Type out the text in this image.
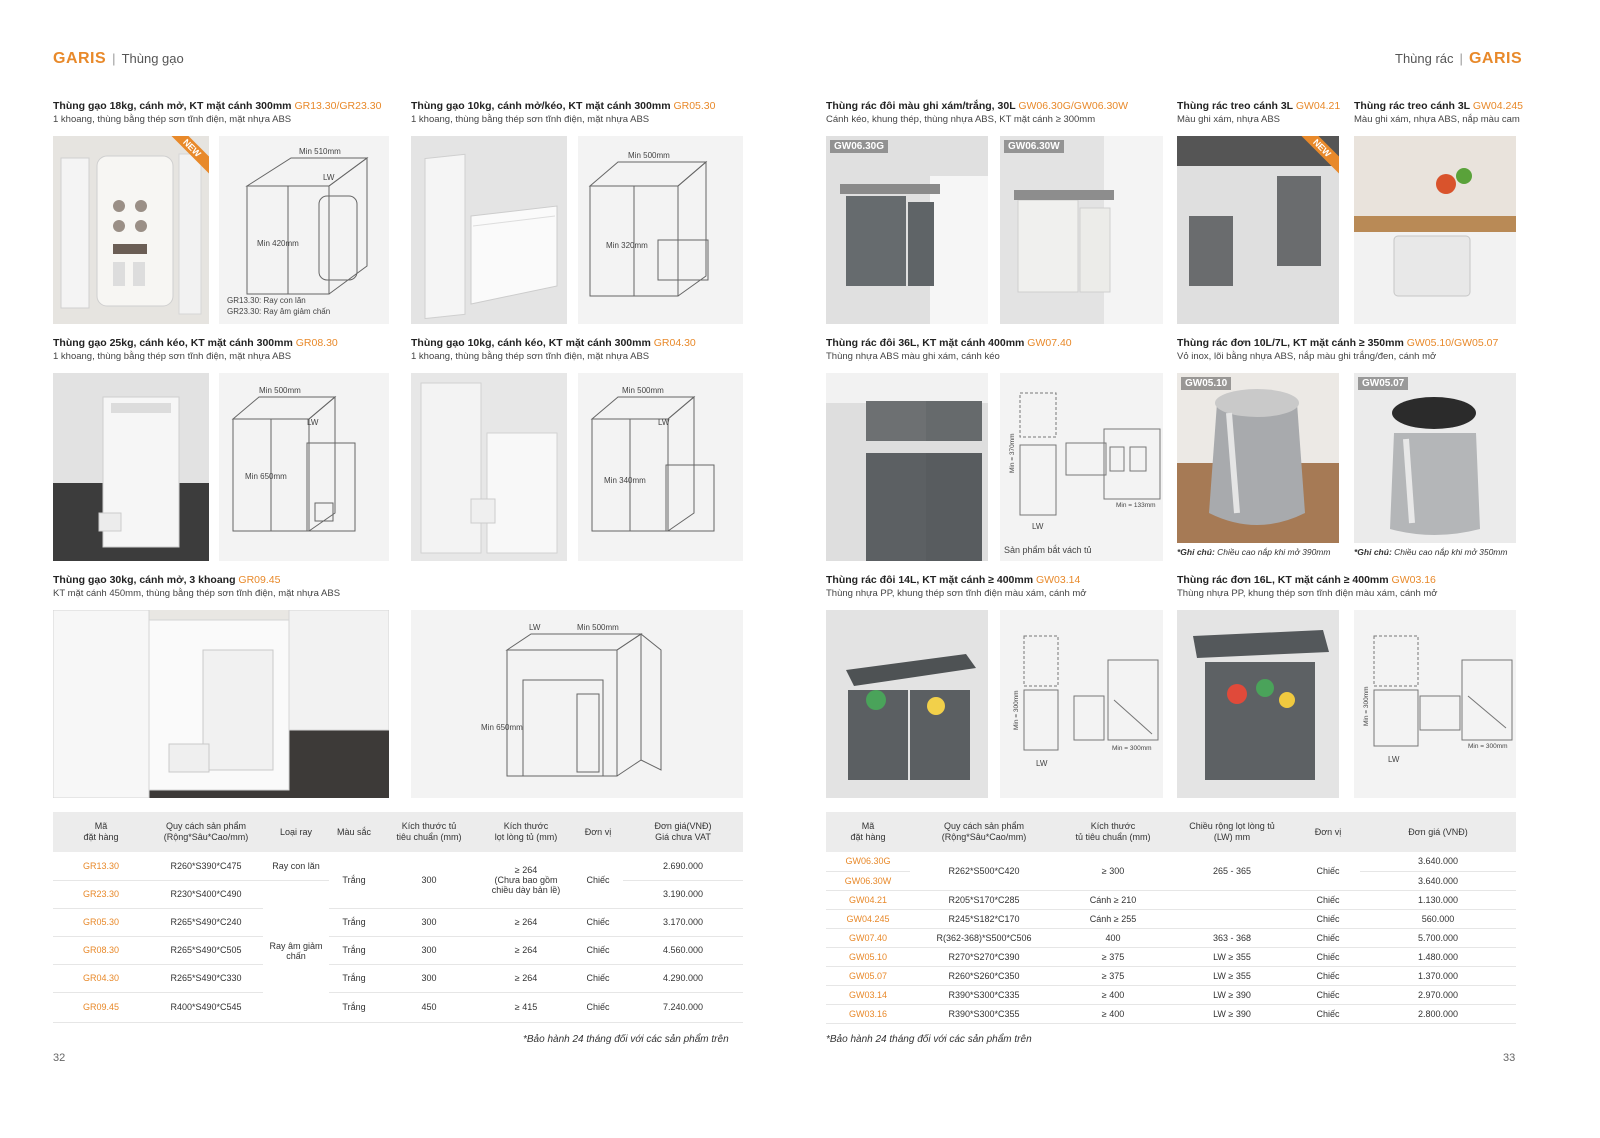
GARIS | Thùng gạo
Thùng gạo 18kg, cánh mở, KT mặt cánh 300mm GR13.30/GR23.30
1 khoang, thùng bằng thép sơn tĩnh điện, mặt nhựa ABS
NEW	Min 510mm
LW
Min 420mm
GR13.30: Ray con lăn
GR23.30: Ray âm giảm chấn
Thùng gạo 10kg, cánh mở/kéo, KT mặt cánh 300mm GR05.30
1 khoang, thùng bằng thép sơn tĩnh điện, mặt nhựa ABS
Min 500mm
Min 320mm
Thùng gạo 25kg, cánh kéo, KT mặt cánh 300mm GR08.30
1 khoang, thùng bằng thép sơn tĩnh điện, mặt nhựa ABS
Min 500mm
LW
Min 650mm
Thùng gạo 10kg, cánh kéo, KT mặt cánh 300mm GR04.30
1 khoang, thùng bằng thép sơn tĩnh điện, mặt nhựa ABS
Min 500mm
LW
Min 340mm
Thùng gạo 30kg, cánh mở, 3 khoang GR09.45
KT mặt cánh 450mm, thùng bằng thép sơn tĩnh điện, mặt nhựa ABS
LW	Min 500mm
Min 650mm
Mã
đặt hàng	Quy cách sản phẩm
(Rộng*Sâu*Cao/mm)	Loại ray	Màu sắc	Kích thước tủ
tiêu chuẩn (mm)	Kích thước
lọt lòng tủ (mm)	Đơn vị	Đơn giá(VNĐ)
Giá chưa VAT
GR13.30	R260*S390*C475	Ray con lăn	Trắng	300	≥ 264
(Chưa bao gồm
chiều dày bản lề)	Chiếc	2.690.000
GR23.30	R230*S400*C490	Ray âm giảm chấn					3.190.000
GR05.30	R265*S490*C240		Trắng	300	≥ 264	Chiếc	3.170.000
GR08.30	R265*S490*C505		Trắng	300	≥ 264	Chiếc	4.560.000
GR04.30	R265*S490*C330		Trắng	300	≥ 264	Chiếc	4.290.000
GR09.45	R400*S490*C545		Trắng	450	≥ 415	Chiếc	7.240.000
*Bảo hành 24 tháng đối với các sản phẩm trên
32
Thùng rác | GARIS
Thùng rác đôi màu ghi xám/trắng, 30L GW06.30G/GW06.30W
Cánh kéo, khung thép, thùng nhựa ABS, KT mặt cánh ≥ 300mm
GW06.30G	GW06.30W
Thùng rác treo cánh 3L GW04.21
Màu ghi xám, nhựa ABS
NEW
Thùng rác treo cánh 3L GW04.245
Màu ghi xám, nhựa ABS, nắp màu cam
Thùng rác đôi 36L, KT mặt cánh 400mm GW07.40
Thùng nhựa ABS màu ghi xám, cánh kéo
Min = 370mm
LW
Min = 133mm
Sản phẩm bắt vách tủ
Thùng rác đơn 10L/7L, KT mặt cánh ≥ 350mm GW05.10/GW05.07
Vỏ inox, lõi bằng nhựa ABS, nắp màu ghi trắng/đen, cánh mở
GW05.10	GW05.07
*Ghi chú: Chiều cao nắp khi mở 390mm	*Ghi chú: Chiều cao nắp khi mở 350mm
Thùng rác đôi 14L, KT mặt cánh ≥ 400mm GW03.14
Thùng nhựa PP, khung thép sơn tĩnh điện màu xám, cánh mở
Min = 300mm
LW
Min = 300mm
Thùng rác đơn 16L, KT mặt cánh ≥ 400mm GW03.16
Thùng nhựa PP, khung thép sơn tĩnh điện màu xám, cánh mở
Min = 300mm
LW
Min = 300mm
Mã
đặt hàng	Quy cách sản phẩm
(Rộng*Sâu*Cao/mm)	Kích thước
tủ tiêu chuẩn (mm)	Chiều rộng lọt lòng tủ
(LW) mm	Đơn vị	Đơn giá (VNĐ)
GW06.30G	R262*S500*C420	≥ 300	265 - 365	Chiếc	3.640.000
GW06.30W					3.640.000
GW04.21	R205*S170*C285	Cánh ≥ 210		Chiếc	1.130.000
GW04.245	R245*S182*C170	Cánh ≥ 255		Chiếc	560.000
GW07.40	R(362-368)*S500*C506	400	363 - 368	Chiếc	5.700.000
GW05.10	R270*S270*C390	≥ 375	LW ≥ 355	Chiếc	1.480.000
GW05.07	R260*S260*C350	≥ 375	LW ≥ 355	Chiếc	1.370.000
GW03.14	R390*S300*C335	≥ 400	LW ≥ 390	Chiếc	2.970.000
GW03.16	R390*S300*C355	≥ 400	LW ≥ 390	Chiếc	2.800.000
*Bảo hành 24 tháng đối với các sản phẩm trên
33
